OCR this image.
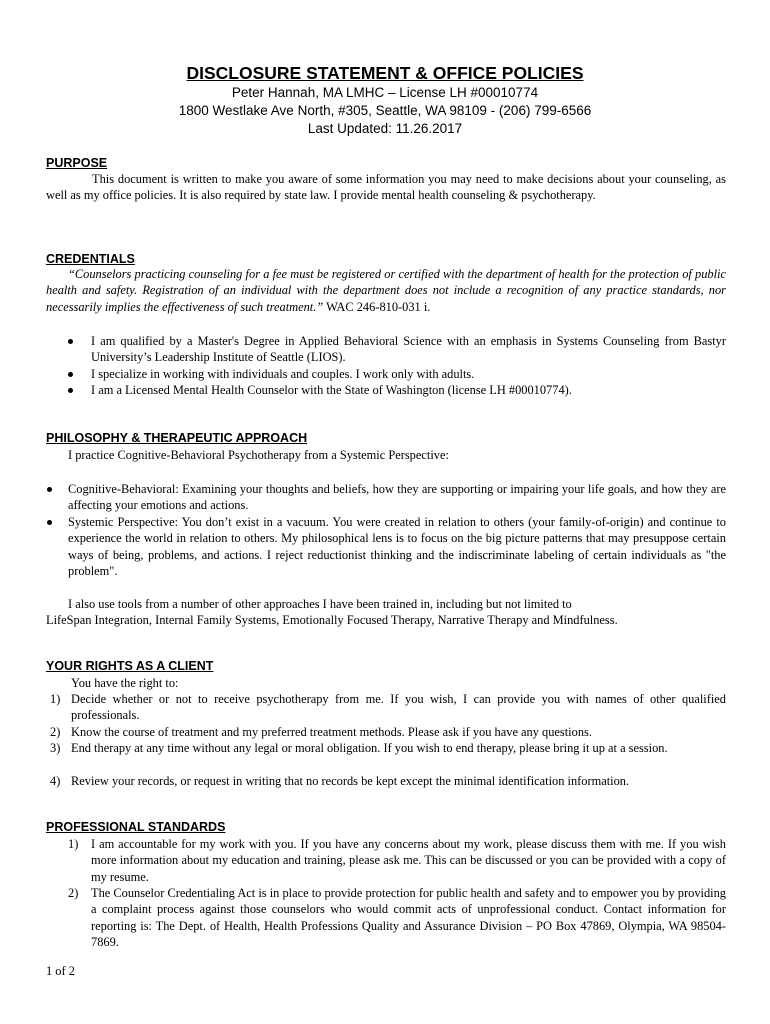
DISCLOSURE STATEMENT & OFFICE POLICIES
Peter Hannah, MA LMHC – License LH #00010774
1800 Westlake Ave North, #305, Seattle, WA 98109 - (206) 799-6566
Last Updated: 11.26.2017
PURPOSE
This document is written to make you aware of some information you may need to make decisions about your counseling, as well as my office policies. It is also required by state law. I provide mental health counseling & psychotherapy.
CREDENTIALS
“Counselors practicing counseling for a fee must be registered or certified with the department of health for the protection of public health and safety. Registration of an individual with the department does not include a recognition of any practice standards, nor necessarily implies the effectiveness of such treatment.” WAC 246-810-031 i.
I am qualified by a Master's Degree in Applied Behavioral Science with an emphasis in Systems Counseling from Bastyr University’s Leadership Institute of Seattle (LIOS).
I specialize in working with individuals and couples. I work only with adults.
I am a Licensed Mental Health Counselor with the State of Washington (license LH #00010774).
PHILOSOPHY & THERAPEUTIC APPROACH
I practice Cognitive-Behavioral Psychotherapy from a Systemic Perspective:
Cognitive-Behavioral: Examining your thoughts and beliefs, how they are supporting or impairing your life goals, and how they are affecting your emotions and actions.
Systemic Perspective: You don’t exist in a vacuum. You were created in relation to others (your family-of-origin) and continue to experience the world in relation to others. My philosophical lens is to focus on the big picture patterns that may presuppose certain ways of being, problems, and actions. I reject reductionist thinking and the indiscriminate labeling of certain individuals as "the problem".
I also use tools from a number of other approaches I have been trained in, including but not limited to
LifeSpan Integration, Internal Family Systems, Emotionally Focused Therapy, Narrative Therapy and Mindfulness.
YOUR RIGHTS AS A CLIENT
You have the right to:
1) Decide whether or not to receive psychotherapy from me. If you wish, I can provide you with names of other qualified professionals.
2) Know the course of treatment and my preferred treatment methods. Please ask if you have any questions.
3) End therapy at any time without any legal or moral obligation. If you wish to end therapy, please bring it up at a session.
4) Review your records, or request in writing that no records be kept except the minimal identification information.
PROFESSIONAL STANDARDS
1) I am accountable for my work with you. If you have any concerns about my work, please discuss them with me. If you wish more information about my education and training, please ask me. This can be discussed or you can be provided with a copy of my resume.
2) The Counselor Credentialing Act is in place to provide protection for public health and safety and to empower you by providing a complaint process against those counselors who would commit acts of unprofessional conduct. Contact information for reporting is: The Dept. of Health, Health Professions Quality and Assurance Division – PO Box 47869, Olympia, WA 98504-7869.
1 of 2
